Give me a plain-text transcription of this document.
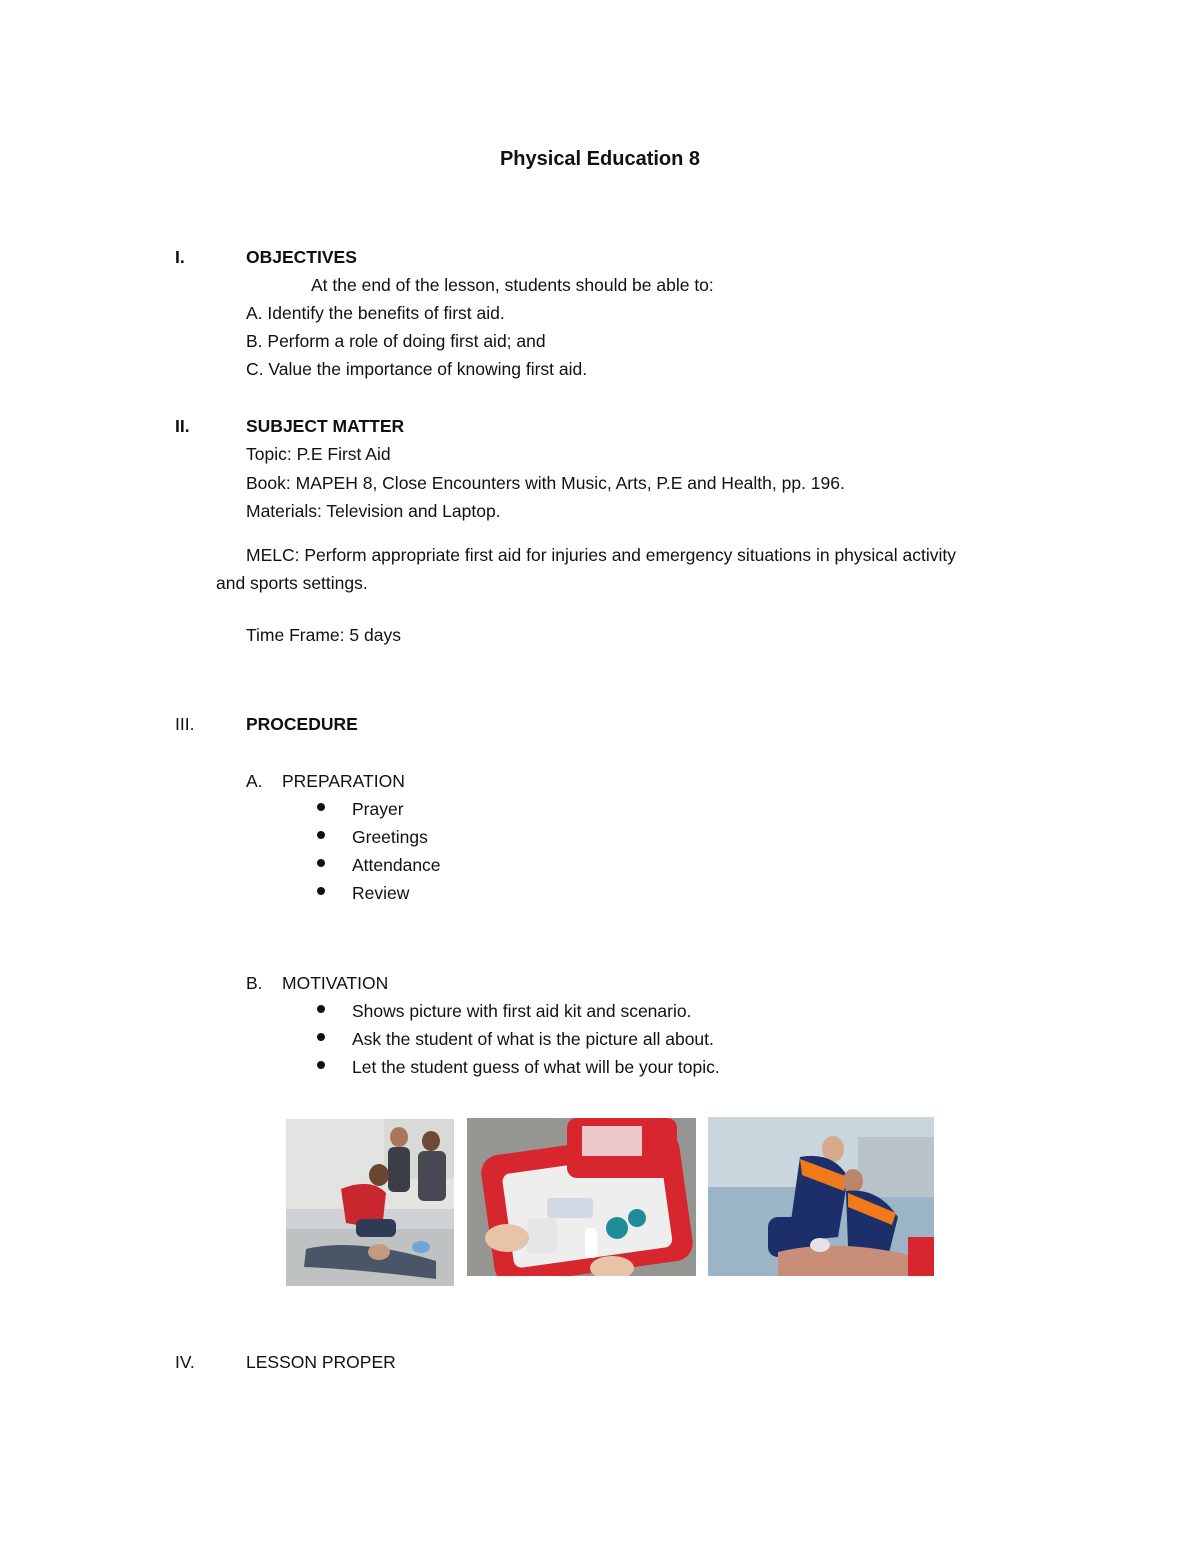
Physical Education 8
I.	OBJECTIVES
At the end of the lesson, students should be able to:
A. Identify the benefits of first aid.
B. Perform a role of doing first aid; and
C. Value the importance of knowing first aid.
II.	SUBJECT MATTER
Topic: P.E First Aid
Book: MAPEH 8, Close Encounters with Music, Arts, P.E and Health, pp. 196.
Materials: Television and Laptop.
MELC: Perform appropriate first aid for injuries and emergency situations in physical activity
and sports settings.
Time Frame: 5 days
III.	PROCEDURE
A. PREPARATION
Prayer
Greetings
Attendance
Review
B. MOTIVATION
Shows picture with first aid kit and scenario.
Ask the student of what is the picture all about.
Let the student guess of what will be your topic.
IV.	LESSON PROPER
